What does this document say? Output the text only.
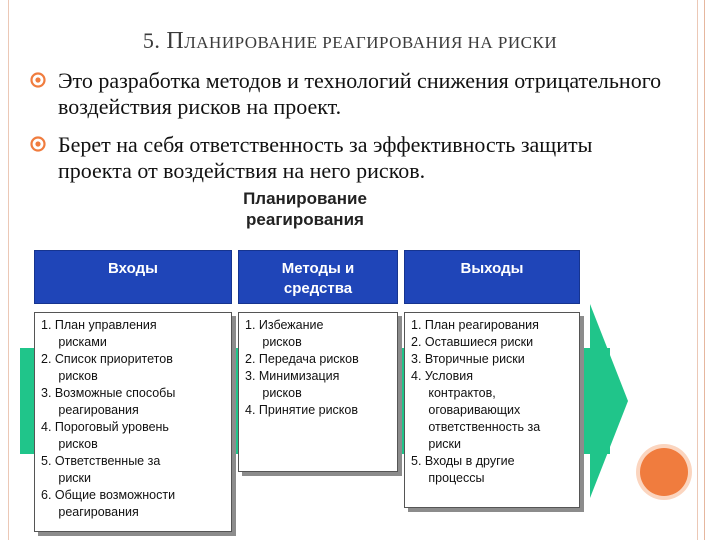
5. ПЛАНИРОВАНИЕ РЕАГИРОВАНИЯ НА РИСКИ
Это разработка методов и технологий снижения отрицательного воздействия рисков на проект.
Берет на себя ответственность за эффективность защиты проекта от воздействия на него рисков.
Планирование
реагирования
Входы
1. План управления
рисками
2. Список приоритетов
рисков
3. Возможные способы
реагирования
4. Пороговый уровень
рисков
5. Ответственные за
риски
6. Общие возможности
реагирования
Методы и
средства
1. Избежание
рисков
2. Передача рисков
3. Минимизация
рисков
4. Принятие рисков
Выходы
1. План реагирования
2. Оставшиеся риски
3. Вторичные риски
4. Условия
контрактов,
оговаривающих
ответственность за
риски
5. Входы в другие
процессы
